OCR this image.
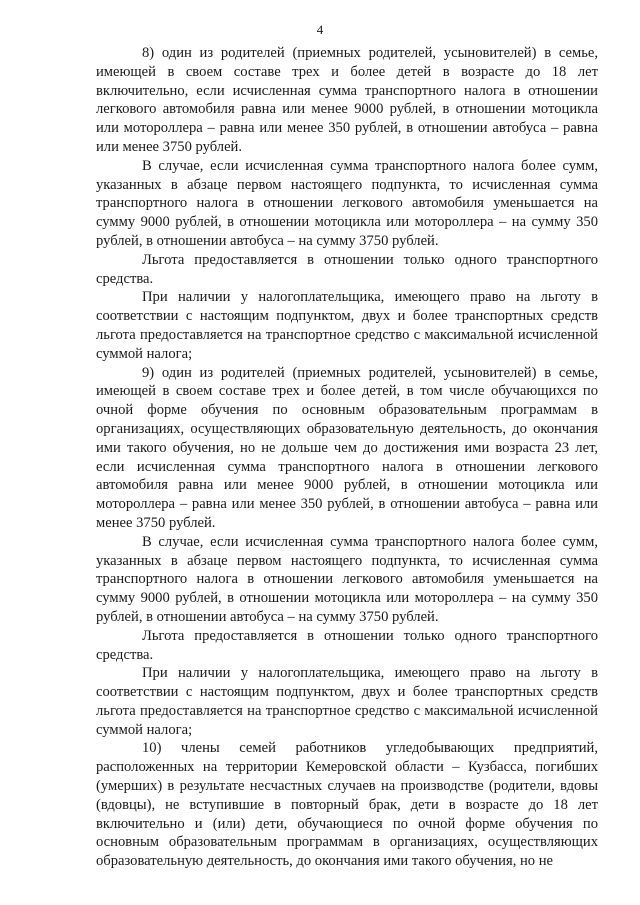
4

8) один из родителей (приемных родителей, усыновителей) в семье, имеющей в своем составе трех и более детей в возрасте до 18 лет включительно, если исчисленная сумма транспортного налога в отношении легкового автомобиля равна или менее 9000 рублей, в отношении мотоцикла или мотороллера – равна или менее 350 рублей, в отношении автобуса – равна или менее 3750 рублей.

В случае, если исчисленная сумма транспортного налога более сумм, указанных в абзаце первом настоящего подпункта, то исчисленная сумма транспортного налога в отношении легкового автомобиля уменьшается на сумму 9000 рублей, в отношении мотоцикла или мотороллера – на сумму 350 рублей, в отношении автобуса – на сумму 3750 рублей.

Льгота предоставляется в отношении только одного транспортного средства.

При наличии у налогоплательщика, имеющего право на льготу в соответствии с настоящим подпунктом, двух и более транспортных средств льгота предоставляется на транспортное средство с максимальной исчисленной суммой налога;

9) один из родителей (приемных родителей, усыновителей) в семье, имеющей в своем составе трех и более детей, в том числе обучающихся по очной форме обучения по основным образовательным программам в организациях, осуществляющих образовательную деятельность, до окончания ими такого обучения, но не дольше чем до достижения ими возраста 23 лет, если исчисленная сумма транспортного налога в отношении легкового автомобиля равна или менее 9000 рублей, в отношении мотоцикла или мотороллера – равна или менее 350 рублей, в отношении автобуса – равна или менее 3750 рублей.

В случае, если исчисленная сумма транспортного налога более сумм, указанных в абзаце первом настоящего подпункта, то исчисленная сумма транспортного налога в отношении легкового автомобиля уменьшается на сумму 9000 рублей, в отношении мотоцикла или мотороллера – на сумму 350 рублей, в отношении автобуса – на сумму 3750 рублей.

Льгота предоставляется в отношении только одного транспортного средства.

При наличии у налогоплательщика, имеющего право на льготу в соответствии с настоящим подпунктом, двух и более транспортных средств льгота предоставляется на транспортное средство с максимальной исчисленной суммой налога;

10) члены семей работников угледобывающих предприятий, расположенных на территории Кемеровской области – Кузбасса, погибших (умерших) в результате несчастных случаев на производстве (родители, вдовы (вдовцы), не вступившие в повторный брак, дети в возрасте до 18 лет включительно и (или) дети, обучающиеся по очной форме обучения по основным образовательным программам в организациях, осуществляющих образовательную деятельность, до окончания ими такого обучения, но не
